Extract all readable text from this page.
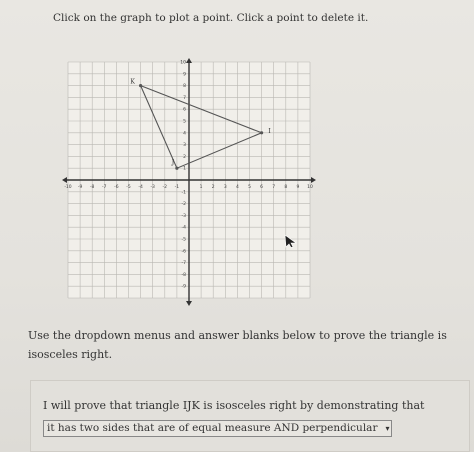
Click on the graph to plot a point. Click a point to delete it.
-10 -9 -8 -7 -6 -5 -4 -3 -2 -1	1 2 3 4 5 6 7 8 9 10
10
9
8
7
6
5
4
3
2
1
-1
-2
-3
-4
-5
-6
-7
-8
-9
K
I
J
Use the dropdown menus and answer blanks below to prove the triangle is isosceles right.
I will prove that triangle IJK is isosceles right by demonstrating that
it has two sides that are of equal measure AND perpendicular ▾
